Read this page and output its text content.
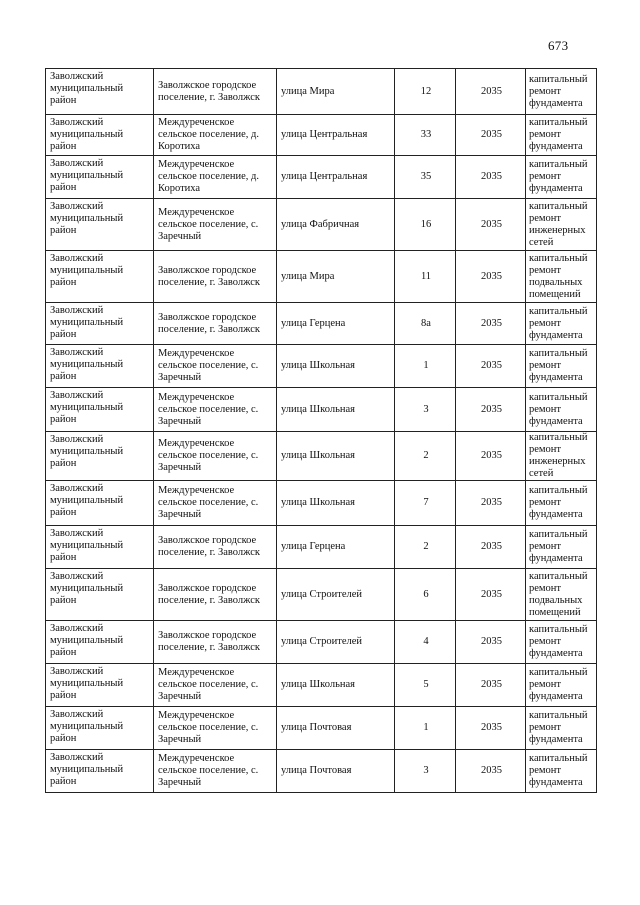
673
Заволжский муниципальный район	Заволжское городское поселение, г. Заволжск	улица Мира	12	2035	капитальный ремонт фундамента

Заволжский муниципальный район	Междуреченское сельское поселение, д. Коротиха	улица Центральная	33	2035	капитальный ремонт фундамента

Заволжский муниципальный район	Междуреченское сельское поселение, д. Коротиха	улица Центральная	35	2035	капитальный ремонт фундамента

Заволжский муниципальный район	Междуреченское сельское поселение, с. Заречный	улица Фабричная	16	2035	капитальный ремонт инженерных сетей

Заволжский муниципальный район	Заволжское городское поселение, г. Заволжск	улица Мира	11	2035	капитальный ремонт подвальных помещений

Заволжский муниципальный район	Заволжское городское поселение, г. Заволжск	улица Герцена	8а	2035	капитальный ремонт фундамента

Заволжский муниципальный район	Междуреченское сельское поселение, с. Заречный	улица Школьная	1	2035	капитальный ремонт фундамента

Заволжский муниципальный район	Междуреченское сельское поселение, с. Заречный	улица Школьная	3	2035	капитальный ремонт фундамента

Заволжский муниципальный район	Междуреченское сельское поселение, с. Заречный	улица Школьная	2	2035	капитальный ремонт инженерных сетей

Заволжский муниципальный район	Междуреченское сельское поселение, с. Заречный	улица Школьная	7	2035	капитальный ремонт фундамента

Заволжский муниципальный район	Заволжское городское поселение, г. Заволжск	улица Герцена	2	2035	капитальный ремонт фундамента

Заволжский муниципальный район	Заволжское городское поселение, г. Заволжск	улица Строителей	6	2035	капитальный ремонт подвальных помещений

Заволжский муниципальный район	Заволжское городское поселение, г. Заволжск	улица Строителей	4	2035	капитальный ремонт фундамента

Заволжский муниципальный район	Междуреченское сельское поселение, с. Заречный	улица Школьная	5	2035	капитальный ремонт фундамента

Заволжский муниципальный район	Междуреченское сельское поселение, с. Заречный	улица Почтовая	1	2035	капитальный ремонт фундамента

Заволжский муниципальный район	Междуреченское сельское поселение, с. Заречный	улица Почтовая	3	2035	капитальный ремонт фундамента
